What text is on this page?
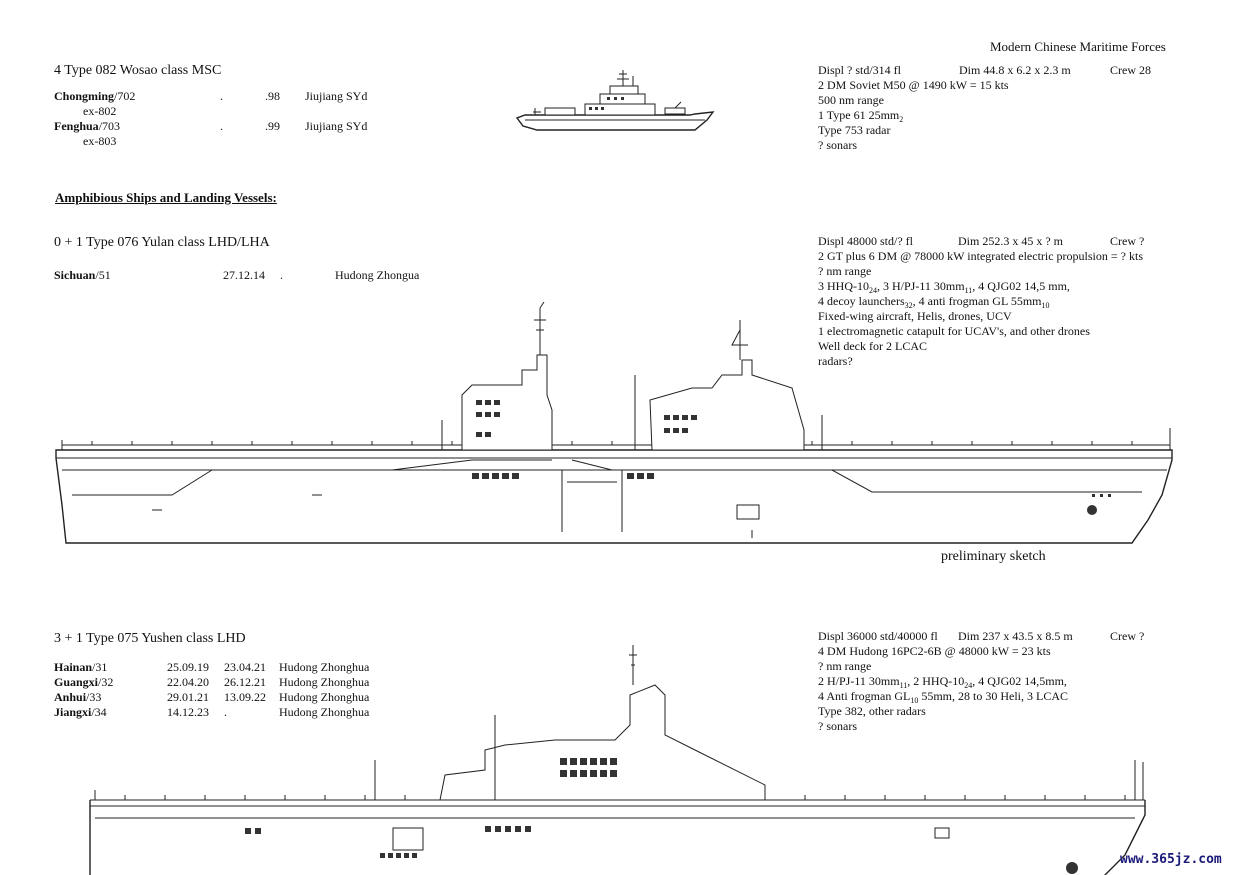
Modern Chinese Maritime Forces
4 Type 082 Wosao class MSC
Chongming/702	.	.98 Jiujiang SYd
ex-802
Fenghua/703	.	.99 Jiujiang SYd
ex-803
Displ ? std/314 fl	Dim 44.8 x 6.2 x 2.3 m	Crew 28
2 DM Soviet M50 @ 1490 kW = 15 kts
500 nm range
1 Type 61 $25mm_2$
Type 753 radar
? sonars
Amphibious Ships and Landing Vessels:
0 + 1 Type 076 Yulan class LHD/LHA
Sichuan/51	27.12.14 .	Hudong Zhongua
Displ 48000 std/? fl	Dim 252.3 x 45 x ? m	Crew ?
2 GT plus 6 DM @ 78000 kW integrated electric propulsion = ? kts
? nm range
3 HHQ-$10_{24}$, 3 H/PJ-11 $30mm_{11}$, 4 QJG02 14,5 mm,
4 decoy launchers$_{32}$, 4 anti frogman GL $55mm_{10}$
Fixed-wing aircraft, Helis, drones, UCV
1 electromagnetic catapult for UCAV's, and other drones
Well deck for 2 LCAC
radars?
preliminary sketch
3 + 1 Type 075 Yushen class LHD
Hainan/31	25.09.19 23.04.21 Hudong Zhonghua
Guangxi/32	22.04.20 26.12.21 Hudong Zhonghua
Anhui/33	29.01.21 13.09.22 Hudong Zhonghua
Jiangxi/34	14.12.23 .	Hudong Zhonghua
Displ 36000 std/40000 fl Dim 237 x 43.5 x 8.5 m	Crew ?
4 DM Hudong 16PC2-6B @ 48000 kW = 23 kts
? nm range
2 H/PJ-11 $30mm_{11}$, 2 HHQ-$10_{24}$, 4 QJG02 14,5mm,
4 Anti frogman $GL_{10}$ 55mm, 28 to 30 Heli, 3 LCAC
Type 382, other radars
? sonars
www.365jz.com
